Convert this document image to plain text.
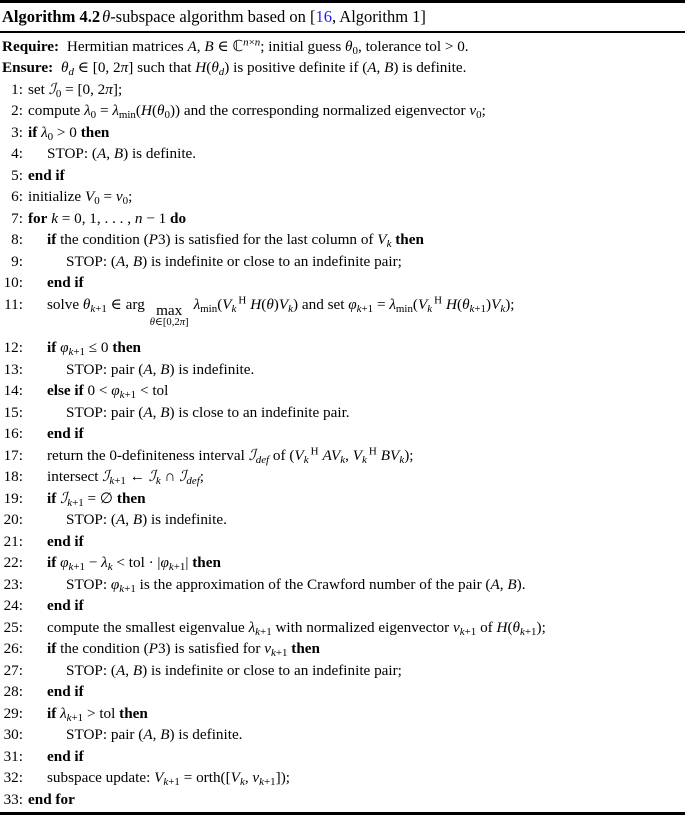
Algorithm 4.2 θ-subspace algorithm based on [16, Algorithm 1]
Require: Hermitian matrices A, B ∈ ℂ$^{n\times n}$; initial guess $\theta_0$, tolerance tol > 0.
Ensure: $\theta_d$ ∈ [0, 2π] such that $H(\theta_d)$ is positive definite if (A, B) is definite.
1: set ℐ$_0$ = [0, 2π];
2: compute $\lambda_0 = \lambda_{min}(H(\theta_0))$ and the corresponding normalized eigenvector $v_0$;
3: if $\lambda_0 > 0$ then
4:	STOP: (A, B) is definite.
5: end if
6: initialize $V_0 = v_0$;
7: for k = 0, 1, . . . , n − 1 do
8:	if the condition (P3) is satisfied for the last column of $V_k$ then
9:	STOP: (A, B) is indefinite or close to an indefinite pair;
10:	end if
11:	solve $\theta_{k+1}$ ∈ arg max
θ∈[0,2π]
$\lambda_{min}(V_k^H$ $H(\theta)V_k$) and set $\varphi_{k+1} = \lambda_{min}(V_k^H$ $H(\theta_{k+1})V_k$);
12:	if $\varphi_{k+1} \le 0$ then
13:	STOP: pair (A, B) is indefinite.
14:	else if $0 < \varphi_{k+1}$ < tol
15:	STOP: pair (A, B) is close to an indefinite pair.
16:	end if
17:	return the 0-definiteness interval ℐ$_{def}$ of ($V_k^H$ $AV_k$, $V_k^H$ $BV_k$);
18:	intersect ℐ$_{k+1}$ ← ℐ$_k$ ∩ ℐ$_{def}$;
19:	if ℐ$_{k+1}$ = ∅ then
20:	STOP: (A, B) is indefinite.
21:	end if
22:	if $\varphi_{k+1} - \lambda_k$ < tol · $|\varphi_{k+1}|$ then
23:	STOP: $\varphi_{k+1}$ is the approximation of the Crawford number of the pair (A, B).
24:	end if
25:	compute the smallest eigenvalue $\lambda_{k+1}$ with normalized eigenvector $v_{k+1}$ of $H(\theta_{k+1})$;
26:	if the condition (P3) is satisfied for $v_{k+1}$ then
27:	STOP: (A, B) is indefinite or close to an indefinite pair;
28:	end if
29:	if $\lambda_{k+1}$ > tol then
30:	STOP: pair (A, B) is definite.
31:	end if
32:	subspace update: $V_{k+1}$ = $orth([V_k$, $v_{k+1}$]);
33: end for
